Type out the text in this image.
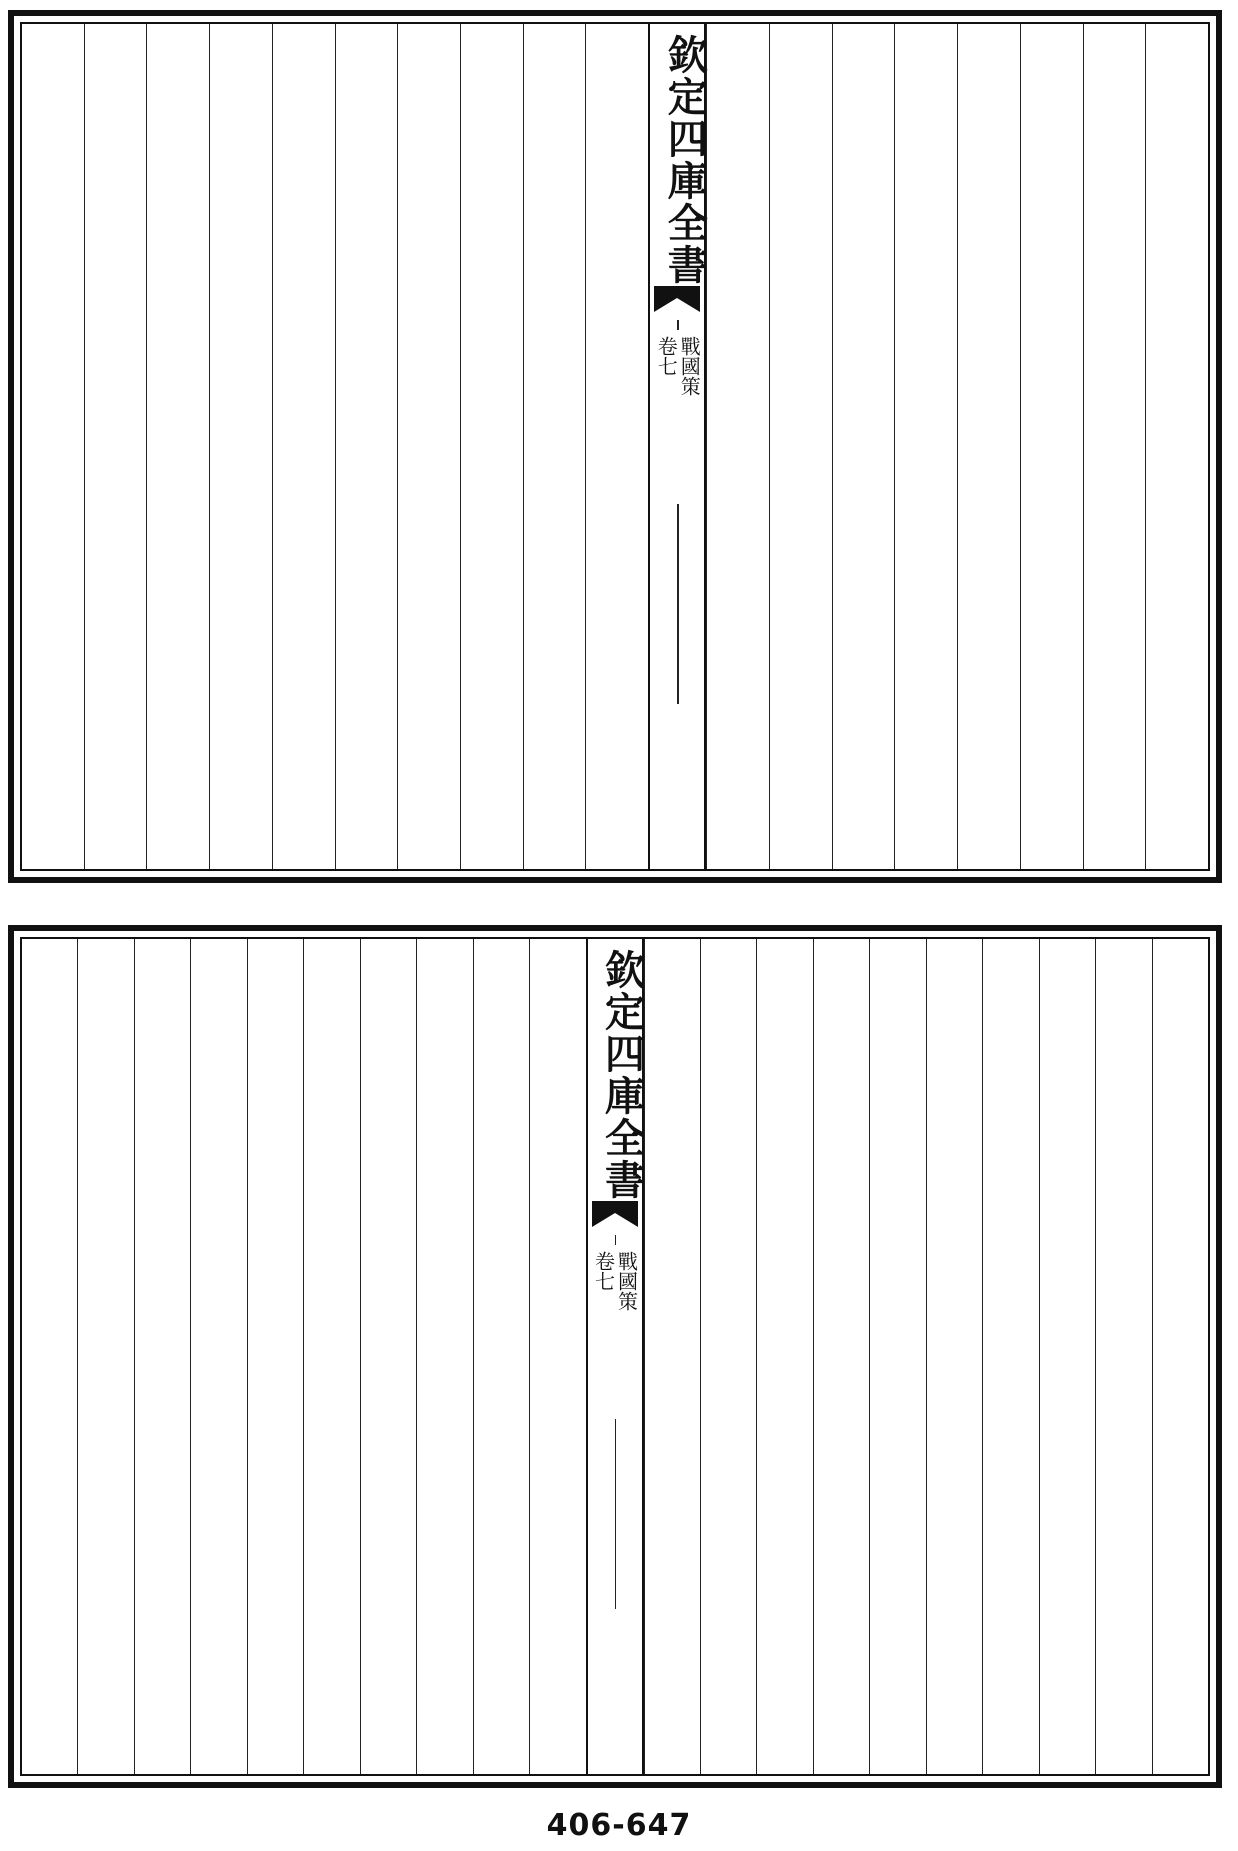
欽定四庫全書
戰國策
卷七
欽定四庫全書
戰國策
卷七
406-647
